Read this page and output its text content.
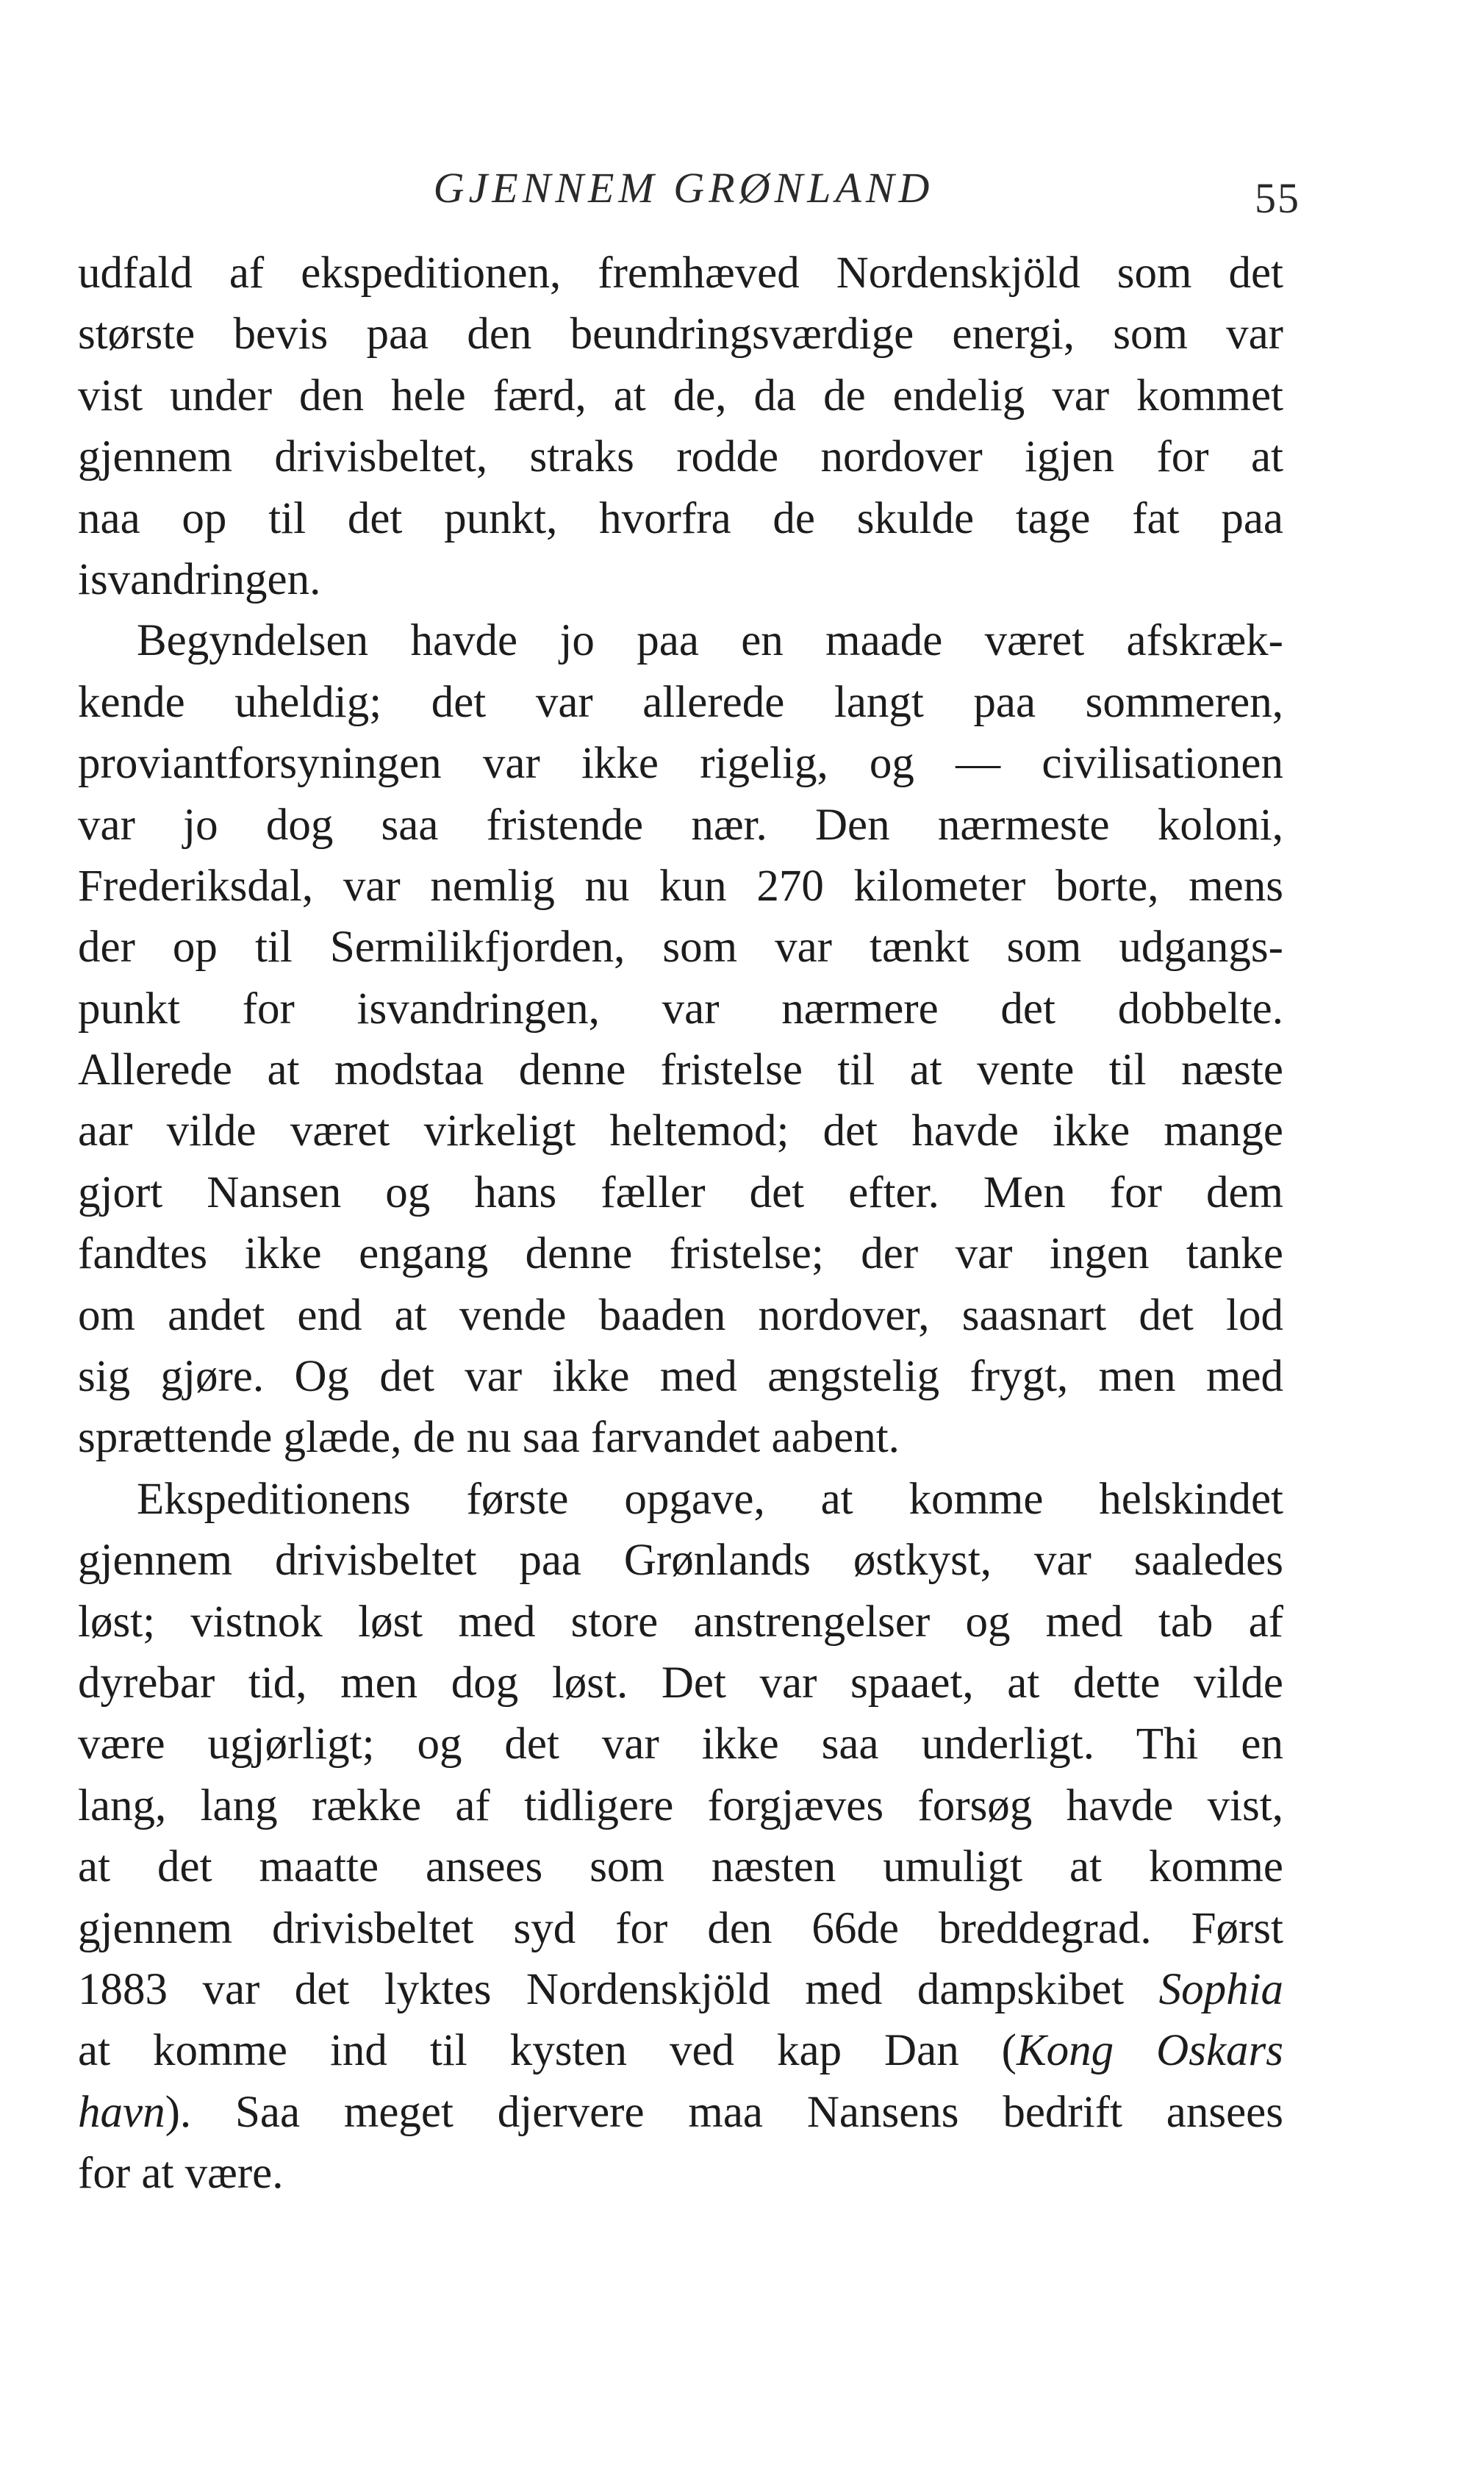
GJENNEM GRØNLAND	55
udfald af ekspeditionen, fremhæved Nordenskjöld som det
største bevis paa den beundringsværdige energi, som var
vist under den hele færd, at de, da de endelig var kommet
gjennem drivisbeltet, straks rodde nordover igjen for at
naa op til det punkt, hvorfra de skulde tage fat paa
isvandringen.
Begyndelsen havde jo paa en maade været afskræk-
kende uheldig; det var allerede langt paa sommeren,
proviantforsyningen var ikke rigelig, og — civilisationen
var jo dog saa fristende nær. Den nærmeste koloni,
Frederiksdal, var nemlig nu kun 270 kilometer borte, mens
der op til Sermilikfjorden, som var tænkt som udgangs-
punkt for isvandringen, var nærmere det dobbelte.
Allerede at modstaa denne fristelse til at vente til næste
aar vilde været virkeligt heltemod; det havde ikke mange
gjort Nansen og hans fæller det efter. Men for dem
fandtes ikke engang denne fristelse; der var ingen tanke
om andet end at vende baaden nordover, saasnart det lod
sig gjøre. Og det var ikke med ængstelig frygt, men med
sprættende glæde, de nu saa farvandet aabent.
Ekspeditionens første opgave, at komme helskindet
gjennem drivisbeltet paa Grønlands østkyst, var saaledes
løst; vistnok løst med store anstrengelser og med tab af
dyrebar tid, men dog løst. Det var spaaet, at dette vilde
være ugjørligt; og det var ikke saa underligt. Thi en
lang, lang række af tidligere forgjæves forsøg havde vist,
at det maatte ansees som næsten umuligt at komme
gjennem drivisbeltet syd for den 66de breddegrad. Først
1883 var det lyktes Nordenskjöld med dampskibet Sophia
at komme ind til kysten ved kap Dan (Kong Oskars
havn). Saa meget djervere maa Nansens bedrift ansees
for at være.
